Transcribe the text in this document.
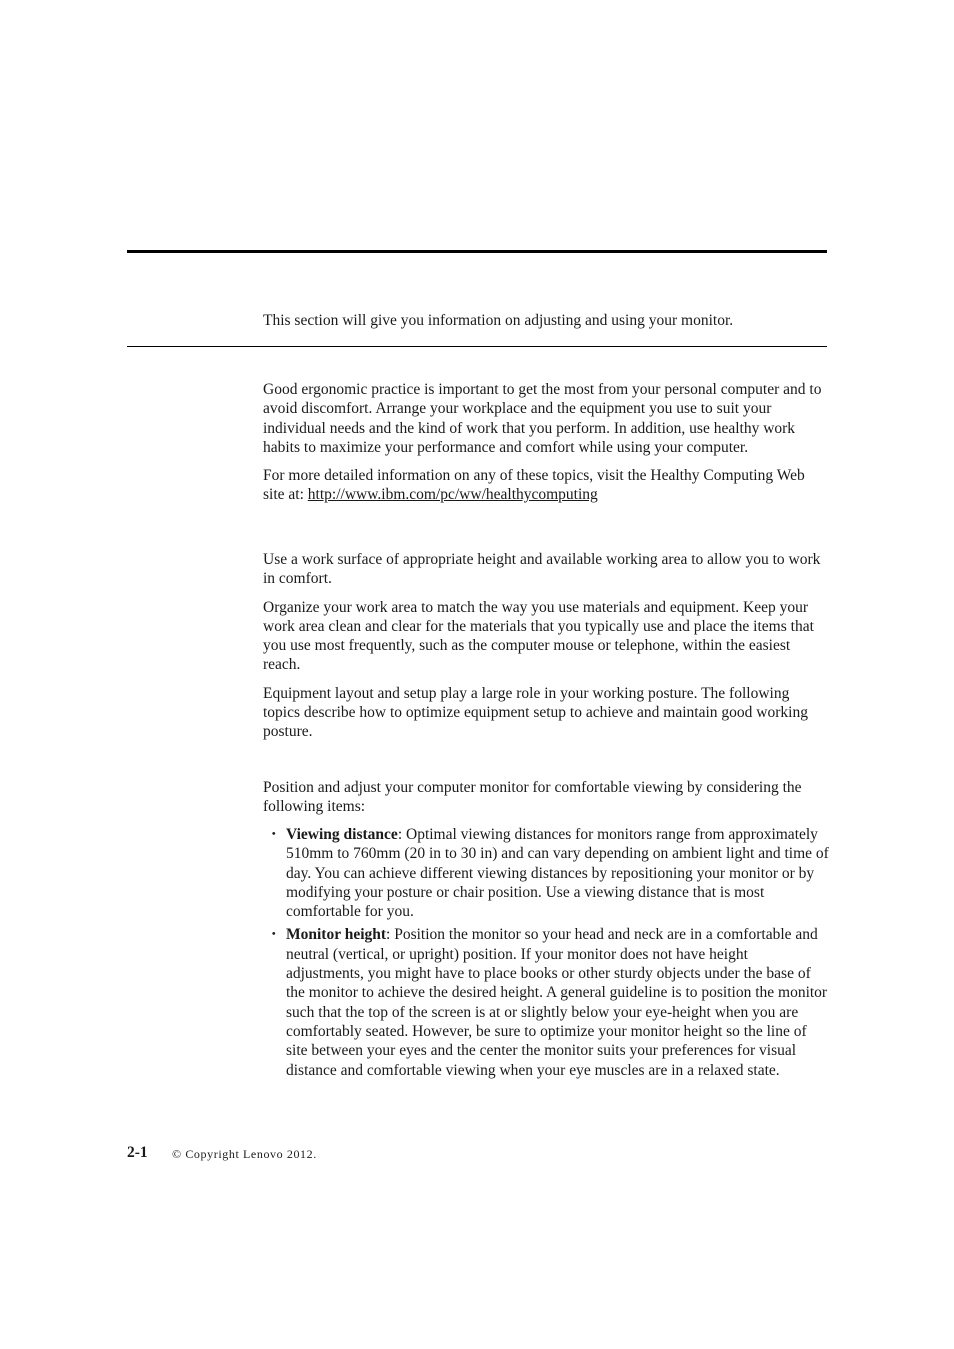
This section will give you information on adjusting and using your monitor.

Good ergonomic practice is important to get the most from your personal computer and to avoid discomfort. Arrange your workplace and the equipment you use to suit your individual needs and the kind of work that you perform. In addition, use healthy work habits to maximize your performance and comfort while using your computer.

For more detailed information on any of these topics, visit the Healthy Computing Web site at: http://www.ibm.com/pc/ww/healthycomputing

Use a work surface of appropriate height and available working area to allow you to work in comfort.

Organize your work area to match the way you use materials and equipment. Keep your work area clean and clear for the materials that you typically use and place the items that you use most frequently, such as the computer mouse or telephone, within the easiest reach.

Equipment layout and setup play a large role in your working posture. The following topics describe how to optimize equipment setup to achieve and maintain good working posture.

Position and adjust your computer monitor for comfortable viewing by considering the following items:

・ Viewing distance: Optimal viewing distances for monitors range from approximately 510mm to 760mm (20 in to 30 in) and can vary depending on ambient light and time of day. You can achieve different viewing distances by repositioning your monitor or by modifying your posture or chair position. Use a viewing distance that is most comfortable for you.
・ Monitor height: Position the monitor so your head and neck are in a comfortable and neutral (vertical, or upright) position. If your monitor does not have height adjustments, you might have to place books or other sturdy objects under the base of the monitor to achieve the desired height. A general guideline is to position the monitor such that the top of the screen is at or slightly below your eye-height when you are comfortably seated. However, be sure to optimize your monitor height so the line of site between your eyes and the center the monitor suits your preferences for visual distance and comfortable viewing when your eye muscles are in a relaxed state.
2-1 © Copyright Lenovo 2012.
